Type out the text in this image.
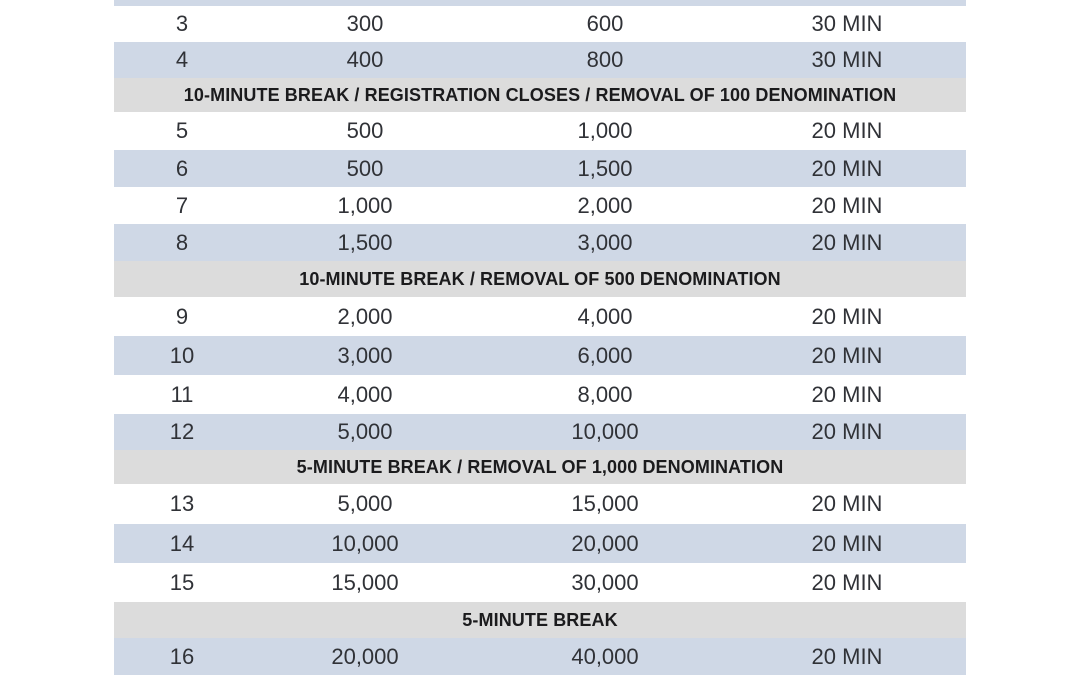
3	300	600	30 MIN
4	400	800	30 MIN
10-MINUTE BREAK / REGISTRATION CLOSES / REMOVAL OF 100 DENOMINATION
5	500	1,000	20 MIN
6	500	1,500	20 MIN
7	1,000	2,000	20 MIN
8	1,500	3,000	20 MIN
10-MINUTE BREAK / REMOVAL OF 500 DENOMINATION
9	2,000	4,000	20 MIN
10	3,000	6,000	20 MIN
11	4,000	8,000	20 MIN
12	5,000	10,000	20 MIN
5-MINUTE BREAK / REMOVAL OF 1,000 DENOMINATION
13	5,000	15,000	20 MIN
14	10,000	20,000	20 MIN
15	15,000	30,000	20 MIN
5-MINUTE BREAK
16	20,000	40,000	20 MIN
